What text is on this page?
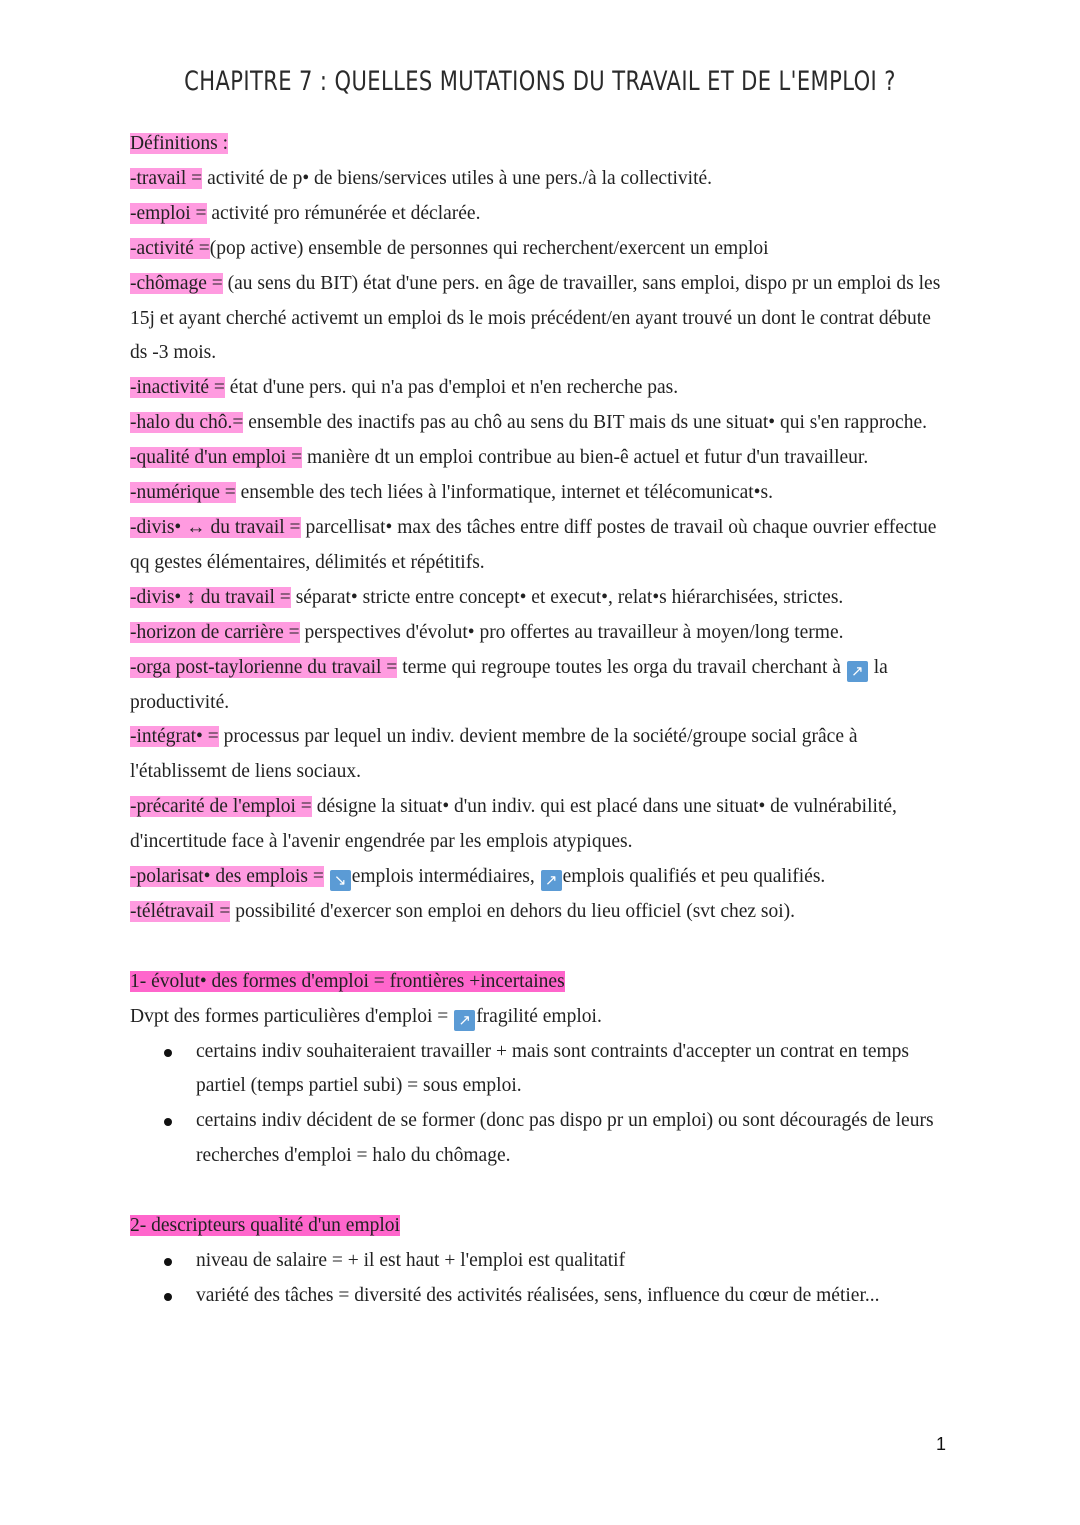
CHAPITRE 7 : QUELLES MUTATIONS DU TRAVAIL ET DE L'EMPLOI ?

Définitions :

-travail = activité de p• de biens/services utiles à une pers./à la collectivité.

-emploi = activité pro rémunérée et déclarée.

-activité =(pop active) ensemble de personnes qui recherchent/exercent un emploi

-chômage = (au sens du BIT) état d'une pers. en âge de travailler, sans emploi, dispo pr un emploi ds les 15j et ayant cherché activemt un emploi ds le mois précédent/en ayant trouvé un dont le contrat débute ds -3 mois.

-inactivité = état d'une pers. qui n'a pas d'emploi et n'en recherche pas.

-halo du chô.= ensemble des inactifs pas au chô au sens du BIT mais ds une situat• qui s'en rapproche.

-qualité d'un emploi = manière dt un emploi contribue au bien-ê actuel et futur d'un travailleur.

-numérique = ensemble des tech liées à l'informatique, internet et télécomunicat•s.

-divis• ↔ du travail = parcellisat• max des tâches entre diff postes de travail où chaque ouvrier effectue qq gestes élémentaires, délimités et répétitifs.

-divis• ↕ du travail = séparat• stricte entre concept• et execut•, relat•s hiérarchisées, strictes.

-horizon de carrière = perspectives d'évolut• pro offertes au travailleur à moyen/long terme.

-orga post-taylorienne du travail = terme qui regroupe toutes les orga du travail cherchant à ↗ la productivité.

-intégrat• = processus par lequel un indiv. devient membre de la société/groupe social grâce à l'établissemt de liens sociaux.

-précarité de l'emploi = désigne la situat• d'un indiv. qui est placé dans une situat• de vulnérabilité, d'incertitude face à l'avenir engendrée par les emplois atypiques.

-polarisat• des emplois = ↘ emplois intermédiaires, ↗ emplois qualifiés et peu qualifiés.

-télétravail = possibilité d'exercer son emploi en dehors du lieu officiel (svt chez soi).

1- évolut• des formes d'emploi = frontières +incertaines

Dvpt des formes particulières d'emploi = ↗ fragilité emploi.

certains indiv souhaiteraient travailler + mais sont contraints d'accepter un contrat en temps partiel (temps partiel subi) = sous emploi.
certains indiv décident de se former (donc pas dispo pr un emploi) ou sont découragés de leurs recherches d'emploi = halo du chômage.

2- descripteurs qualité d'un emploi

niveau de salaire = + il est haut + l'emploi est qualitatif
variété des tâches = diversité des activités réalisées, sens, influence du cœur de métier...
1
